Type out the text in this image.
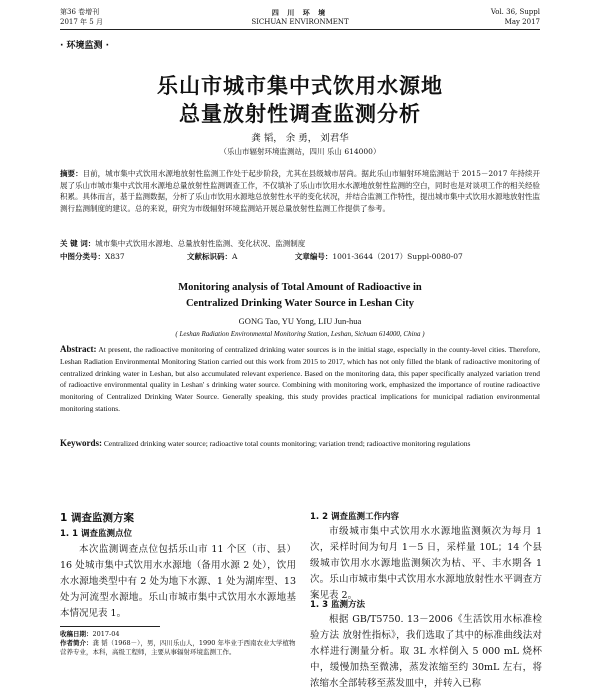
第36 卷增刊
2017 年 5 月
四 川 环 境
SICHUAN ENVIRONMENT
Vol. 36, Suppl
May 2017
· 环境监测 ·
乐山市城市集中式饮用水源地
总量放射性调查监测分析
龚 韬， 余 勇， 刘君华
（乐山市辐射环境监测站，四川 乐山 614000）
摘要：目前，城市集中式饮用水源地放射性监测工作处于起步阶段，尤其在县级城市居尚。据此乐山市辐射环境监测站于 2015－2017 年持续开展了乐山市城市集中式饮用水源地总量放射性监测调查工作，不仅填补了乐山市饮用水水源地放射性监测的空白，同时也是对谈项工作的相关经验积累。具体而言，基于监测数据，分析了乐山市饮用水源地总放射性水平的变化状况，并结合监测工作特性，提出城市集中式饮用水源地放射性监测行监测制度的建议。总的来说，研究为市级辐射环境监测站开展总量放射性监测工作提供了参考。
关 键 词：城市集中式饮用水源地、总量放射性监测、变化状况、监测制度
中图分类号：X837	文献标识码：A	文章编号：1001-3644（2017）Suppl-0080-07
Monitoring analysis of Total Amount of Radioactive in
Centralized Drinking Water Source in Leshan City
GONG Tao, YU Yong, LIU Jun-hua
( Leshan Radiation Environmental Monitoring Station, Leshan, Sichuan 614000, China )
Abstract: At present, the radioactive monitoring of centralized drinking water sources is in the initial stage, especially in the county-level cities. Therefore, Leshan Radiation Environmental Monitoring Station carried out this work from 2015 to 2017, which has not only filled the blank of radioactive monitoring of centralized drinking water in Leshan, but also accumulated relevant experience. Based on the monitoring data, this paper specifically analyzed variation trend of radioactive environmental quality in Leshan' s drinking water source. Combining with monitoring work, emphasized the importance of routine radioactive monitoring of Centralized Drinking Water Source. Generally speaking, this study provides practical implications for municipal radiation environmental monitoring stations.
Keywords: Centralized drinking water source; radioactive total counts monitoring; variation trend; radioactive monitoring regulations
1 调查监测方案
1. 1 调查监测点位
本次监测调查点位包括乐山市 11 个区（市、县）16 处城市集中式饮用水水源地（备用水源 2 处），饮用水水源地类型中有 2 处为地下水源、1 处为湖库型、13 处为河流型水源地。乐山市城市集中式饮用水水源地基本情况见表 1。
收稿日期：2017-04
作者简介：龚 韬（1968－），男，四川乐山人，1990 年毕业于西南农业大学植物营养专业，本科，高级工程师，主要从事辐射环境监测工作。
1. 2 调查监测工作内容
市级城市集中式饮用水水源地监测频次为每月 1 次，采样时间为旬月 1－5 日，采样量 10L；14 个县级城市饮用水水源地监测频次为枯、平、丰水期各 1 次。乐山市城市集中式饮用水水源地放射性水平调查方案见表 2。
1. 3 监测方法
根据 GB/T5750. 13－2006《生活饮用水标准检验方法 放射性指标》，我们选取了其中的标准曲线法对水样进行测量分析。取 3L 水样倒入 5 000 mL 烧杯中，缓慢加热至微沸，蒸发浓缩至约 30mL 左右，将浓缩水全部转移至蒸发皿中，并转入已称
